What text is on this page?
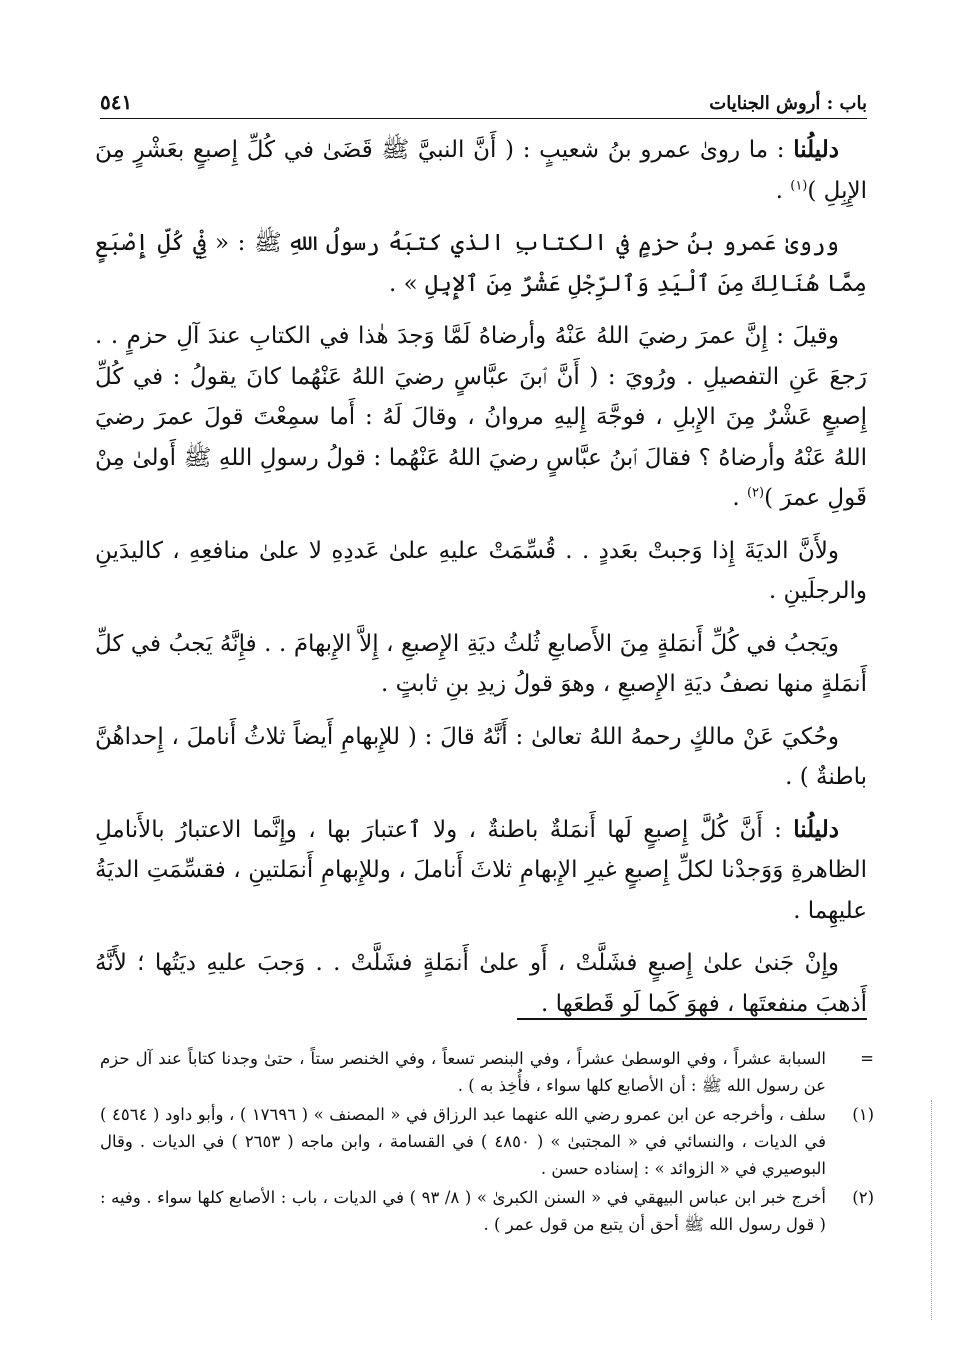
باب : أروش الجنايات
٥٤١

دليلُنا : ما روىٰ عمرو بنُ شعيبٍ : ( أَنَّ النبيَّ ﷺ قَضَىٰ في كُلِّ إِصبعٍ بعَشْرٍ مِنَ الإِبِلِ )$^{(١)}$ .

وروىٰ عَمرو بنُ حزمٍ في الكتابِ الذي كتبَهُ رسولُ اللهِ ﷺ : « فِيْ كُلِّ إِصْبَعٍ مِمَّا هُنَالِكَ مِنَ ٱلْيَدِ وَٱلرِّجْلِ عَشْرٌ مِنَ ٱلإِبِلِ » .

وقيلَ : إِنَّ عمرَ رضيَ اللهُ عَنْهُ وأرضاهُ لَمَّا وَجدَ هٰذا في الكتابِ عندَ آلِ حزمٍ . . رَجعَ عَنِ التفصيلِ . ورُويَ : ( أَنَّ ٱبنَ عبَّاسٍ رضيَ اللهُ عَنْهُما كانَ يقولُ : في كُلِّ إِصبعٍ عَشْرٌ مِنَ الإِبلِ ، فوجَّهَ إِليهِ مروانُ ، وقالَ لَهُ : أَما سمِعْتَ قولَ عمرَ رضيَ اللهُ عَنْهُ وأرضاهُ ؟ فقالَ ٱبنُ عبَّاسٍ رضيَ اللهُ عَنْهُما : قولُ رسولِ اللهِ ﷺ أَولىٰ مِنْ قَولِ عمرَ )$^{(٢)}$ .

ولأَنَّ الديَةَ إِذا وَجبتْ بعَددٍ . . قُسِّمَتْ عليهِ علىٰ عَددِهِ لا علىٰ منافعِهِ ، كاليدَينِ والرجلَينِ .

ويَجبُ في كُلِّ أَنمَلةٍ مِنَ الأَصابعِ ثُلثُ ديَةِ الإِصبعِ ، إِلاَّ الإِبهامَ . . فإِنَّهُ يَجبُ في كلِّ أَنمَلةٍ منها نصفُ ديَةِ الإِصبعِ ، وهوَ قولُ زيدِ بنِ ثابتٍ .

وحُكيَ عَنْ مالكٍ رحمهُ اللهُ تعالىٰ : أَنَّهُ قالَ : ( للإِبهامِ أَيضاً ثلاثُ أَناملَ ، إِحداهُنَّ باطنةٌ ) .

دليلُنا : أَنَّ كُلَّ إِصبعٍ لَها أَنمَلةٌ باطنةٌ ، ولا ٱعتبارَ بها ، وإِنَّما الاعتبارُ بالأَناملِ الظاهرةِ وَوَجدْنا لكلِّ إِصبعٍ غيرِ الإِبهامِ ثلاثَ أَناملَ ، وللإِبهامِ أَنمَلتينِ ، فقسِّمَتِ الديَةُ عليهِما .

وإِنْ جَنىٰ علىٰ إِصبعٍ فشَلَّتْ ، أَو علىٰ أَنمَلةٍ فشَلَّتْ . . وَجبَ عليهِ ديَتُها ؛ لأَنَّهُ أَذهبَ منفعتَها ، فهوَ كَما لَو قَطعَها .

=
السبابة عشراً ، وفي الوسطىٰ عشراً ، وفي البنصر تسعاً ، وفي الخنصر ستاً ، حتىٰ وجدنا كتاباً عند آل حزم عن رسول الله ﷺ : أن الأصابع كلها سواء ، فأُخِذ به ) .
(١)
سلف ، وأخرجه عن ابن عمرو رضي الله عنهما عبد الرزاق في « المصنف » ( ١٧٦٩٦ ) ، وأبو داود ( ٤٥٦٤ ) في الديات ، والنسائي في « المجتبىٰ » ( ٤٨٥٠ ) في القسامة ، وابن ماجه ( ٢٦٥٣ ) في الديات . وقال البوصيري في « الزوائد » : إسناده حسن .
(٢)
أخرج خبر ابن عباس البيهقي في « السنن الكبرىٰ » ( ٨/ ٩٣ ) في الديات ، باب : الأصابع كلها سواء . وفيه : ( قول رسول الله ﷺ أحق أن يتبع من قول عمر ) .
